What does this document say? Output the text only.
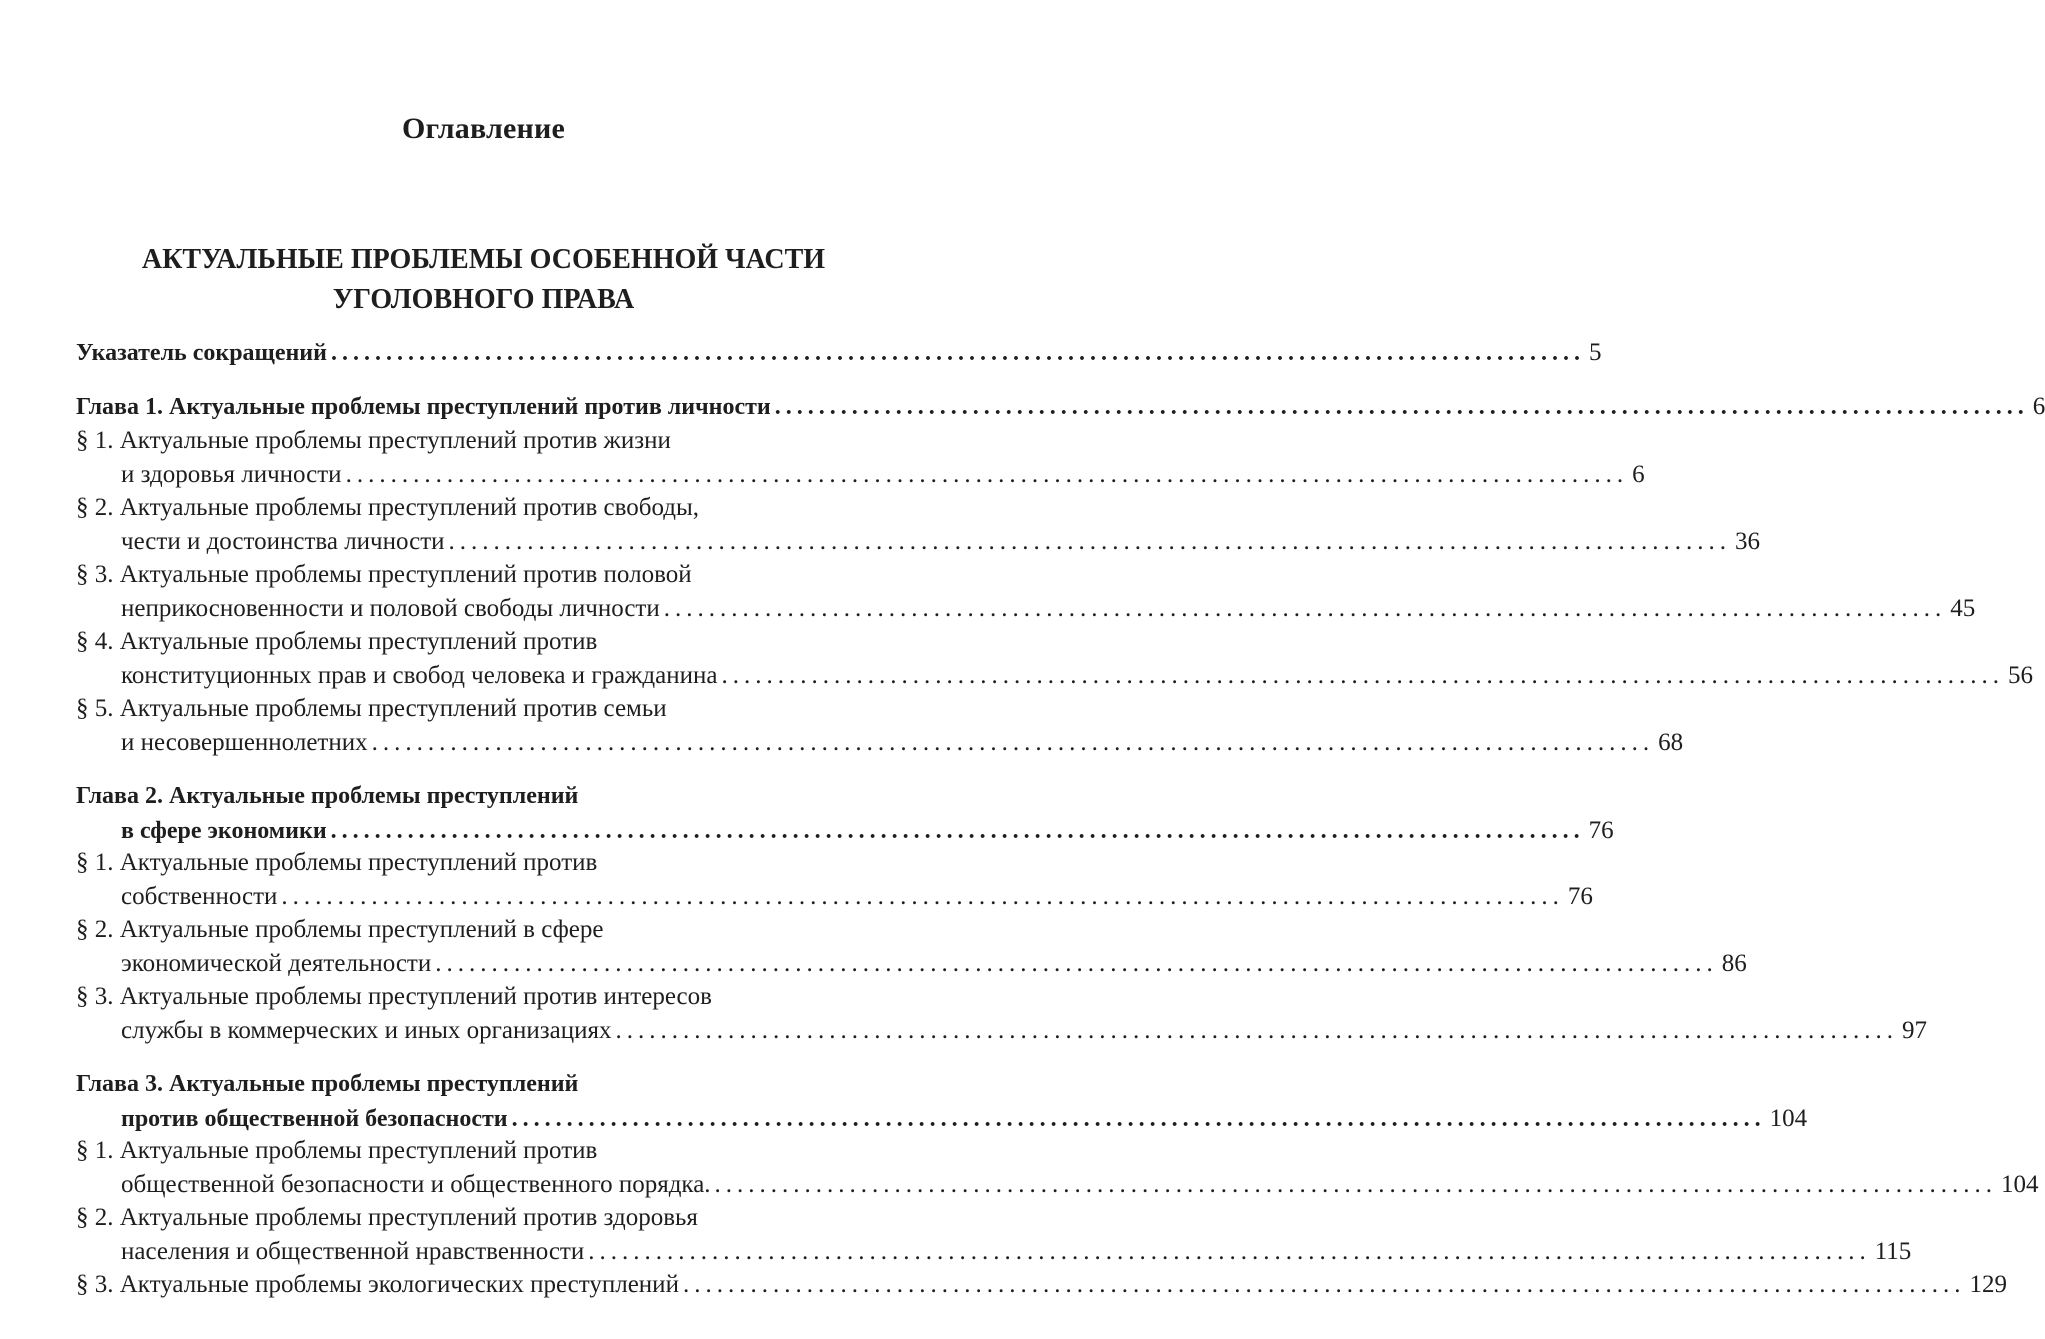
Оглавление
АКТУАЛЬНЫЕ ПРОБЛЕМЫ ОСОБЕННОЙ ЧАСТИ
УГОЛОВНОГО ПРАВА
Указатель сокращений .................................................................................................................. 5
Глава 1. Актуальные проблемы преступлений против личности .................................................................................................................. 6
§ 1. Актуальные проблемы преступлений против жизни
и здоровья личности .................................................................................................................. 6
§ 2. Актуальные проблемы преступлений против свободы,
чести и достоинства личности .................................................................................................................. 36
§ 3. Актуальные проблемы преступлений против половой
неприкосновенности и половой свободы личности .................................................................................................................. 45
§ 4. Актуальные проблемы преступлений против
конституционных прав и свобод человека и гражданина .................................................................................................................. 56
§ 5. Актуальные проблемы преступлений против семьи
и несовершеннолетних .................................................................................................................. 68
Глава 2. Актуальные проблемы преступлений
в сфере экономики .................................................................................................................. 76
§ 1. Актуальные проблемы преступлений против
собственности .................................................................................................................. 76
§ 2. Актуальные проблемы преступлений в сфере
экономической деятельности .................................................................................................................. 86
§ 3. Актуальные проблемы преступлений против интересов
службы в коммерческих и иных организациях .................................................................................................................. 97
Глава 3. Актуальные проблемы преступлений
против общественной безопасности .................................................................................................................. 104
§ 1. Актуальные проблемы преступлений против
общественной безопасности и общественного порядка. .................................................................................................................. 104
§ 2. Актуальные проблемы преступлений против здоровья
населения и общественной нравственности .................................................................................................................. 115
§ 3. Актуальные проблемы экологических преступлений .................................................................................................................. 129
